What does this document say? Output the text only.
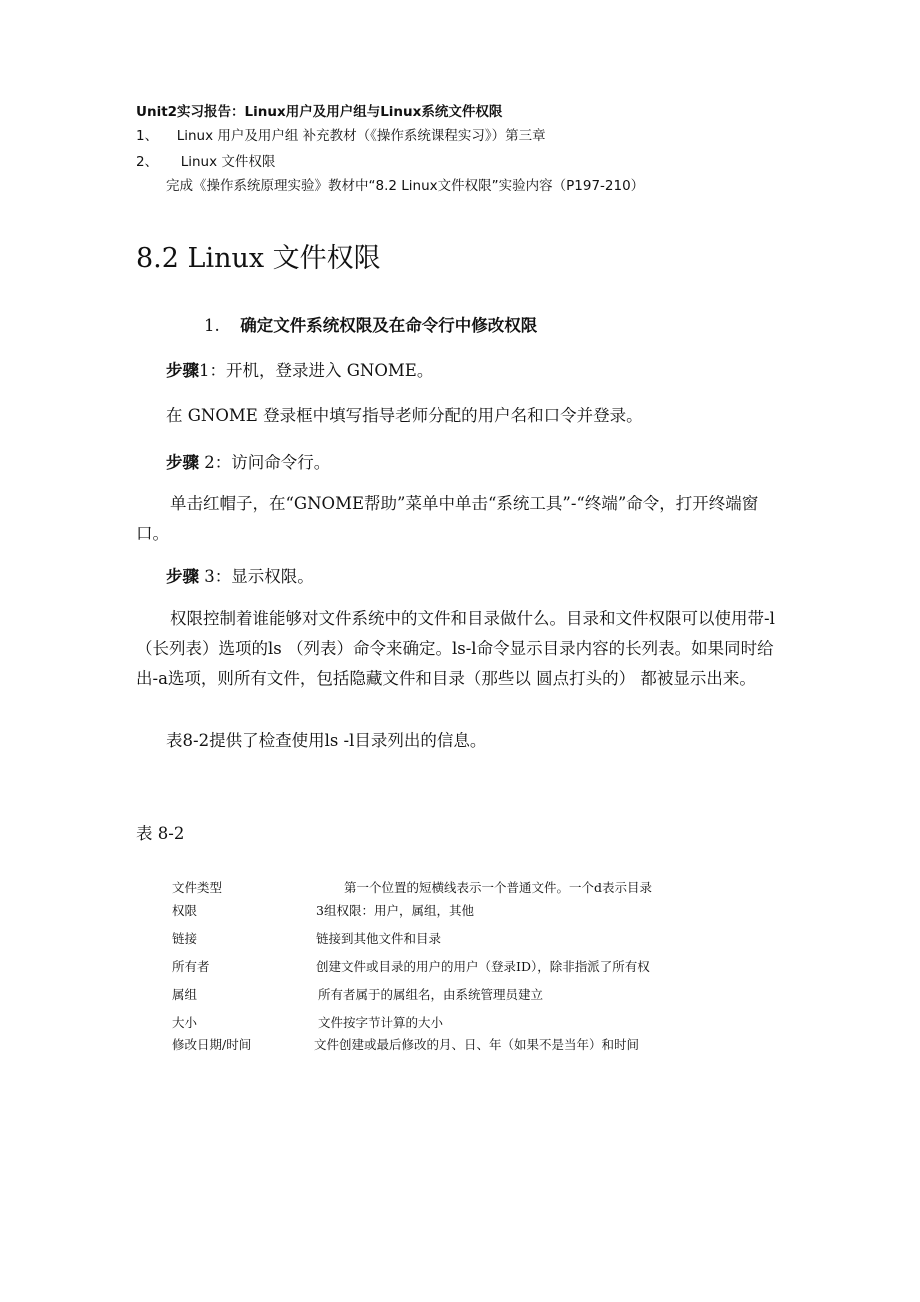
Unit2实习报告：Linux用户及用户组与Linux系统文件权限
1、 Linux 用户及用户组 补充教材（《操作系统课程实习》）第三章
2、 Linux 文件权限
完成《操作系统原理实验》教材中“8.2 Linux文件权限”实验内容（P197-210）
8.2 Linux 文件权限
1. 确定文件系统权限及在命令行中修改权限
步骤1：开机，登录进入 GNOME。
在 GNOME 登录框中填写指导老师分配的用户名和口令并登录。
步骤 2：访问命令行。
单击红帽子，在“GNOME帮助”菜单中单击“系统工具”-“终端”命令，打开终端窗口。
步骤 3：显示权限。
权限控制着谁能够对文件系统中的文件和目录做什么。目录和文件权限可以使用带-l （长列表）选项的ls （列表）命令来确定。ls-l命令显示目录内容的长列表。如果同时给出-a选项，则所有文件，包括隐藏文件和目录（那些以 圆点打头的） 都被显示出来。
表8-2提供了检查使用ls -l目录列出的信息。
表 8-2
文件类型	第一个位置的短横线表示一个普通文件。一个d表示目录
权限	3组权限：用户，属组，其他
链接	链接到其他文件和目录
所有者	创建文件或目录的用户的用户（登录ID），除非指派了所有权
属组	所有者属于的属组名，由系统管理员建立
大小	文件按字节计算的大小
修改日期/时间	文件创建或最后修改的月、日、年（如果不是当年）和时间
